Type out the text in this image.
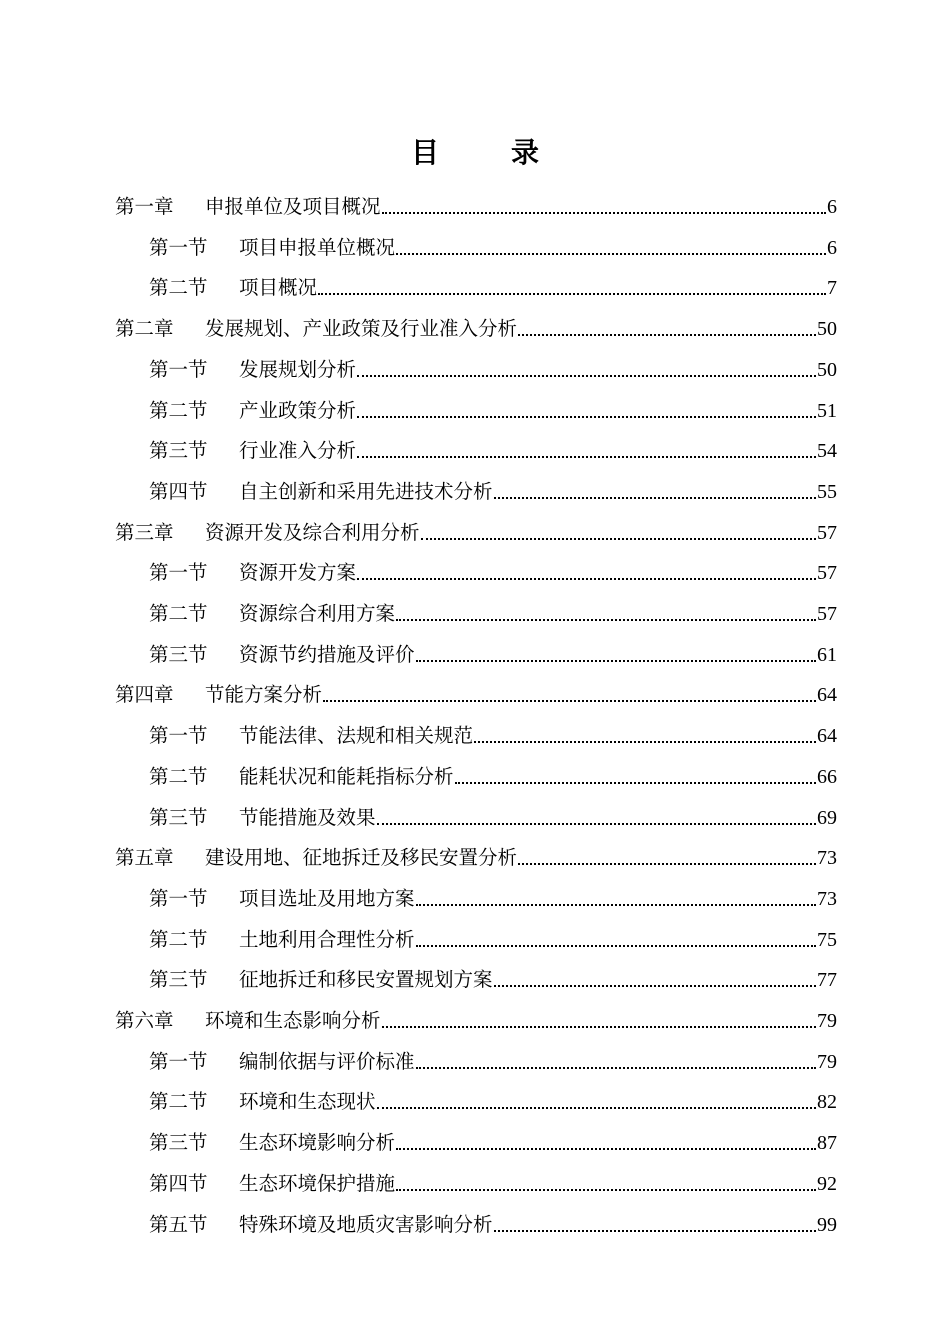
目　录
第一章 申报单位及项目概况	6
第一节 项目申报单位概况	6
第二节 项目概况	7
第二章 发展规划、产业政策及行业准入分析	50
第一节 发展规划分析	50
第二节 产业政策分析	51
第三节 行业准入分析	54
第四节 自主创新和采用先进技术分析	55
第三章 资源开发及综合利用分析	57
第一节 资源开发方案	57
第二节 资源综合利用方案	57
第三节 资源节约措施及评价	61
第四章 节能方案分析	64
第一节 节能法律、法规和相关规范	64
第二节 能耗状况和能耗指标分析	66
第三节 节能措施及效果	69
第五章 建设用地、征地拆迁及移民安置分析	73
第一节 项目选址及用地方案	73
第二节 土地利用合理性分析	75
第三节 征地拆迁和移民安置规划方案	77
第六章 环境和生态影响分析	79
第一节 编制依据与评价标准	79
第二节 环境和生态现状	82
第三节 生态环境影响分析	87
第四节 生态环境保护措施	92
第五节 特殊环境及地质灾害影响分析	99
